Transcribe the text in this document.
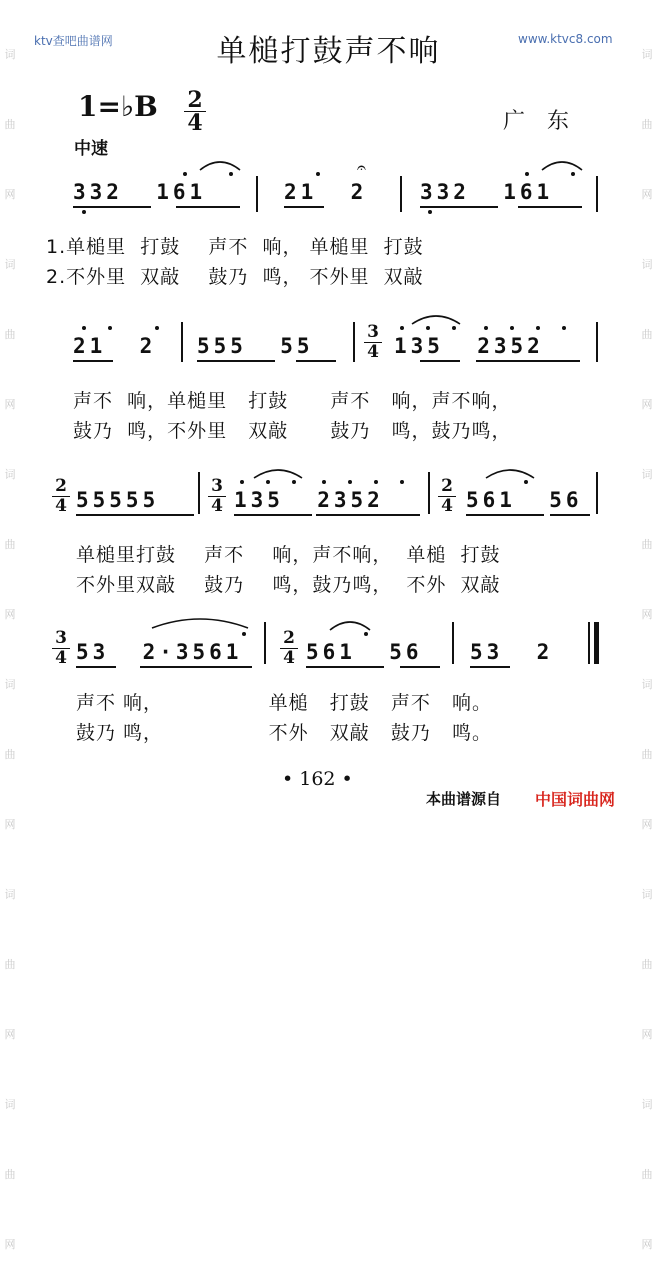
词
曲
网
词
曲
网
词
曲
网
词
曲
网
词
曲
网
词
曲
网
词
曲
网
词
曲
网
词
曲
网
词
曲
网
词
曲
网
词
曲
网
ktv查吧曲谱网	www.ktvc8.com
单槌打鼓声不响
1=♭B 2
4	广东
中速
332  161	21  2	332  161
𝄐
1.单槌里  打鼓    声不  响， 单槌里  打鼓
2.不外里  双敲    鼓乃  鸣， 不外里  双敲
21  2 555  55
3
4 135  2352
声不  响，单槌里   打鼓      声不   响，声不响，
鼓乃  鸣，不外里   双敲      鼓乃   鸣，鼓乃鸣，
2
4 55555
3
4 135  2352
2
4 561  56
单槌里打鼓    声不    响，声不响，  单槌  打鼓
不外里双敲    鼓乃    鸣，鼓乃鸣，  不外  双敲
3
4 53  2·3561
2
4 561  56 53  2
声不 响，               单槌   打鼓   声不   响。
鼓乃 鸣，               不外   双敲   鼓乃   鸣。
• 162 •
本曲谱源自 中国词曲网
